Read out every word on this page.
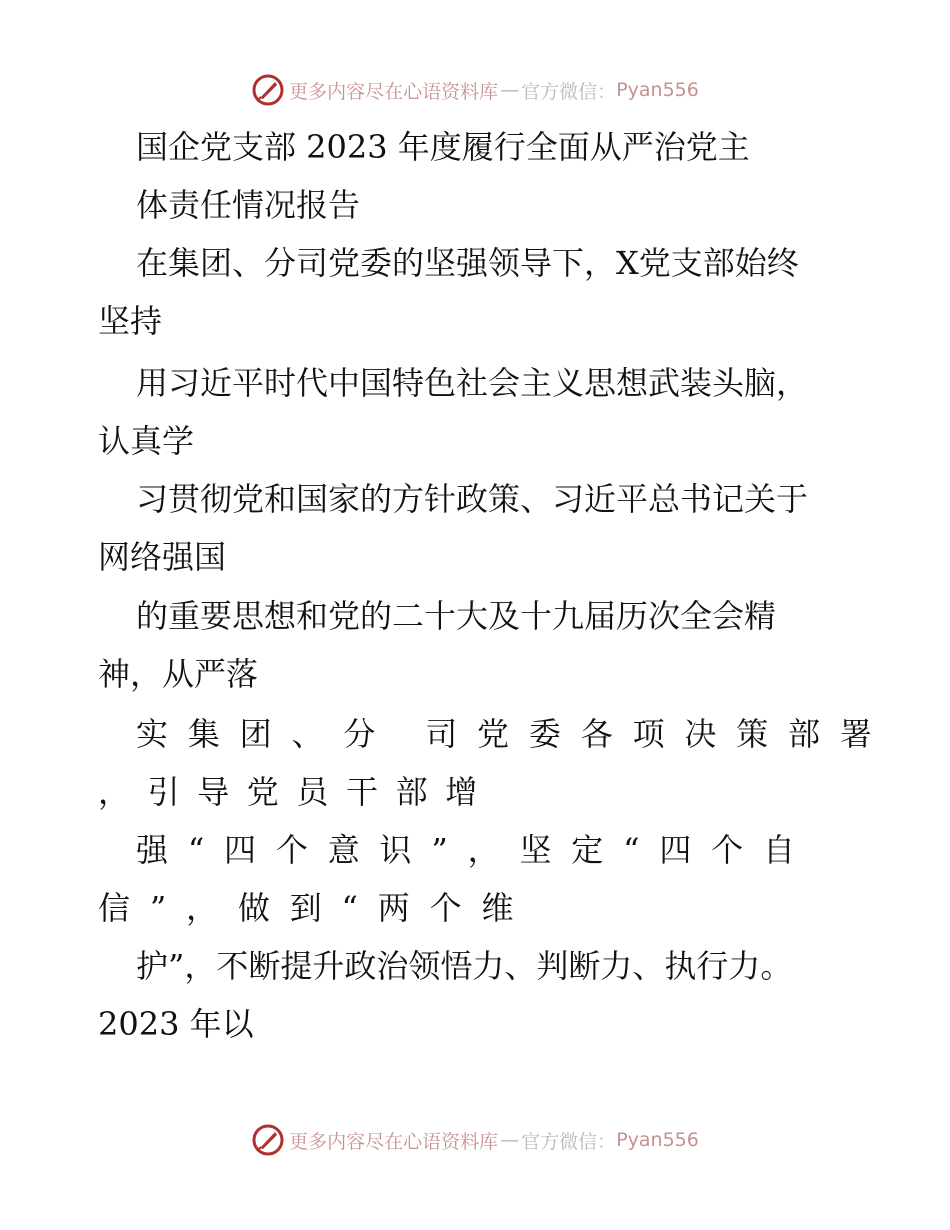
更多内容尽在心语资料库 — 官方微信： Pyan556
国企党支部 2023 年度履行全面从严治党主
体责任情况报告
在集团、分司党委的坚强领导下，X党支部始终
坚持
用习近平时代中国特色社会主义思想武装头脑，
认真学
习贯彻党和国家的方针政策、习近平总书记关于
网络强国
的重要思想和党的二十大及十九届历次全会精
神，从严落
实集团、分 司党委各项决策部署
，引导党员干部增
强“四个意识”，坚定“四个自
信”，做到“两个维
护”，不断提升政治领悟力、判断力、执行力。
2023 年以
更多内容尽在心语资料库 — 官方微信： Pyan556
